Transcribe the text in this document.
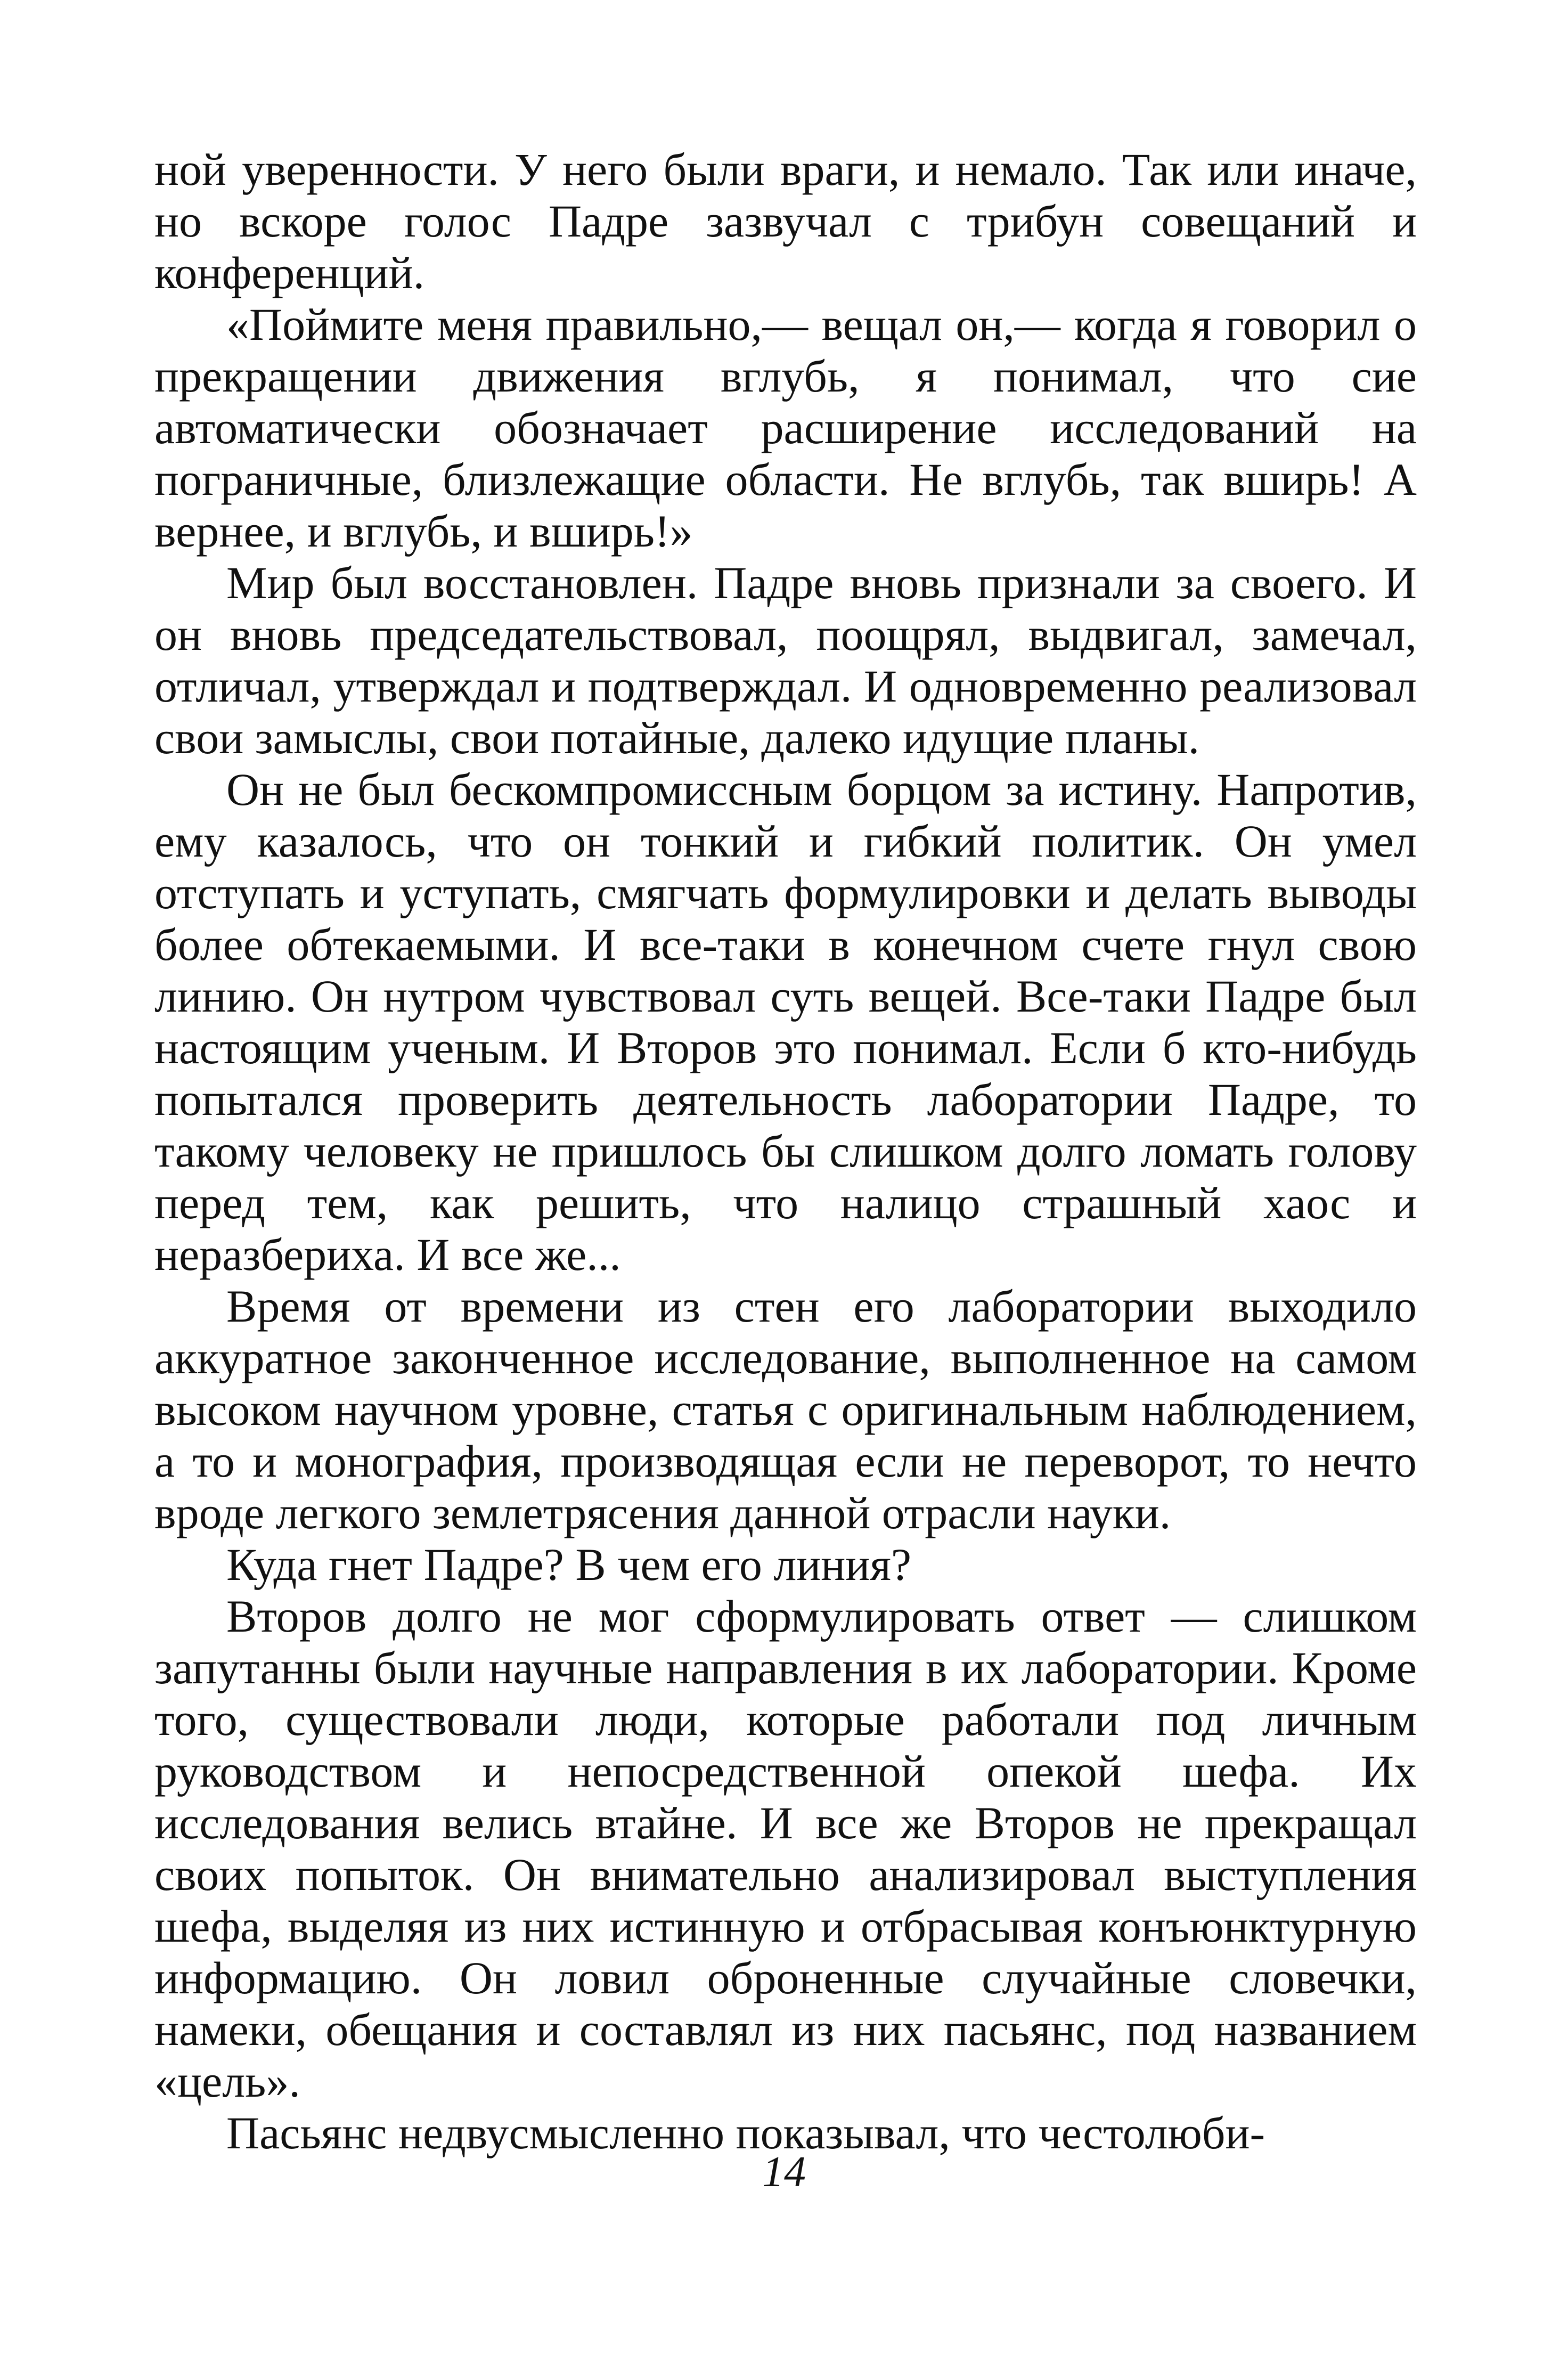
ной уверенности. У него были враги, и немало. Так или иначе, но вскоре голос Падре зазвучал с трибун совещаний и конференций.

«Поймите меня правильно,— вещал он,— когда я говорил о прекращении движения вглубь, я понимал, что сие автоматически обозначает расширение исследований на пограничные, близлежащие области. Не вглубь, так вширь! А вернее, и вглубь, и вширь!»

Мир был восстановлен. Падре вновь признали за своего. И он вновь председательствовал, поощрял, выдвигал, замечал, отличал, утверждал и подтверждал. И одновременно реализовал свои замыслы, свои потайные, далеко идущие планы.

Он не был бескомпромиссным борцом за истину. Напротив, ему казалось, что он тонкий и гибкий политик. Он умел отступать и уступать, смягчать формулировки и делать выводы более обтекаемыми. И все-таки в конечном счете гнул свою линию. Он нутром чувствовал суть вещей. Все-таки Падре был настоящим ученым. И Второв это понимал. Если б кто-нибудь попытался проверить деятельность лаборатории Падре, то такому человеку не пришлось бы слишком долго ломать голову перед тем, как решить, что налицо страшный хаос и неразбериха. И все же...

Время от времени из стен его лаборатории выходило аккуратное законченное исследование, выполненное на самом высоком научном уровне, статья с оригинальным наблюдением, а то и монография, производящая если не переворот, то нечто вроде легкого землетрясения данной отрасли науки.

Куда гнет Падре? В чем его линия?

Второв долго не мог сформулировать ответ — слишком запутанны были научные направления в их лаборатории. Кроме того, существовали люди, которые работали под личным руководством и непосредственной опекой шефа. Их исследования велись втайне. И все же Второв не прекращал своих попыток. Он внимательно анализировал выступления шефа, выделяя из них истинную и отбрасывая конъюнктурную информацию. Он ловил оброненные случайные словечки, намеки, обещания и составлял из них пасьянс, под названием «цель».

Пасьянс недвусмысленно показывал, что честолюби-

14
